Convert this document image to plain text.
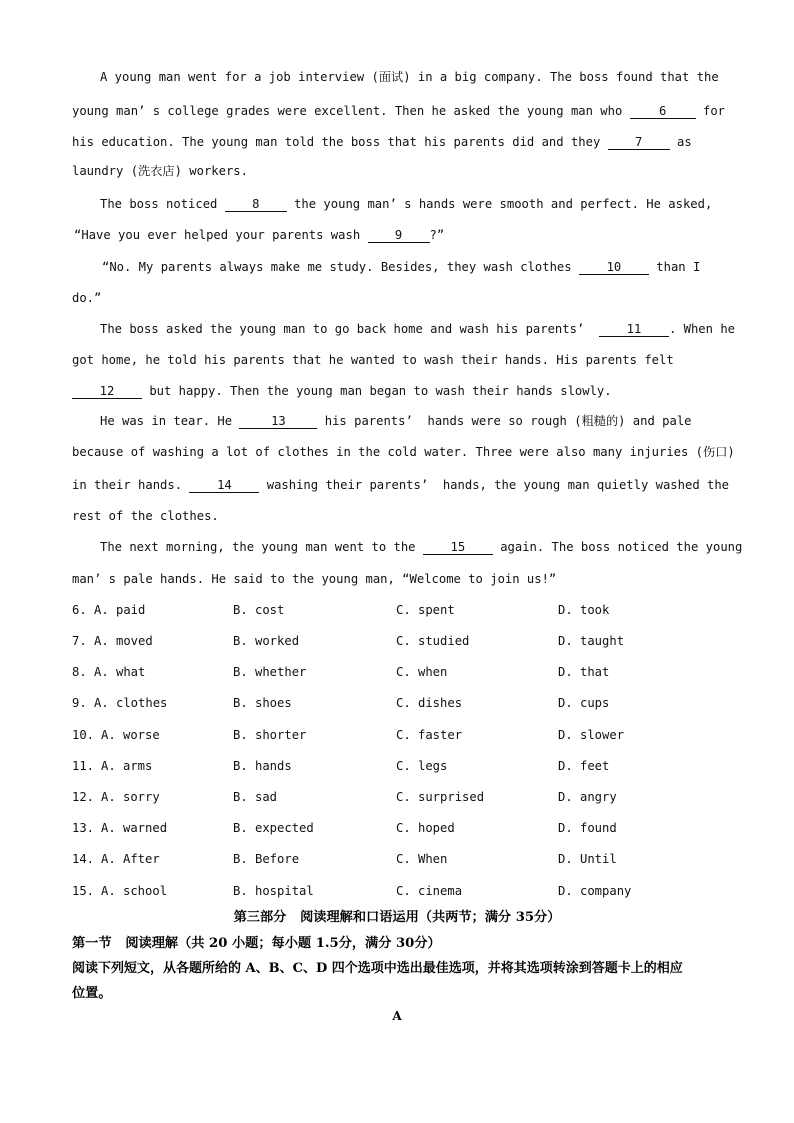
A young man went for a job interview (面试) in a big company. The boss found that the
young man’ s college grades were excellent. Then he asked the young man who 6 for
his education. The young man told the boss that his parents did and they 7 as
laundry (洗衣店) workers.
The boss noticed 8 the young man’ s hands were smooth and perfect. He asked,
“Have you ever helped your parents wash 9 ?”
“No. My parents always make me study. Besides, they wash clothes 10 than I
do.”
The boss asked the young man to go back home and wash his parents’  11 . When he
got home, he told his parents that he wanted to wash their hands. His parents felt
12 but happy. Then the young man began to wash their hands slowly.
He was in tear. He	13	his parents’  hands were so rough (粗糙的) and pale
because of washing a lot of clothes in the cold water. Three were also many injuries (伤口)
in their hands. 14 washing their parents’  hands, the young man quietly washed the
rest of the clothes.
The next morning, the young man went to the 15 again. The boss noticed the young
man’ s pale hands. He said to the young man, “Welcome to join us!”
6. A. paid	B. cost	C. spent	D. took
7. A. moved	B. worked	C. studied	D. taught
8. A. what	B. whether	C. when	D. that
9. A. clothes	B. shoes	C. dishes	D. cups
10. A. worse	B. shorter	C. faster	D. slower
11. A. arms	B. hands	C. legs	D. feet
12. A. sorry	B. sad	C. surprised	D. angry
13. A. warned	B. expected	C. hoped	D. found
14. A. After	B. Before	C. When	D. Until
15. A. school	B. hospital	C. cinema	D. company
第三部分   阅读理解和口语运用（共两节；满分 35分）
第一节   阅读理解（共 20 小题；每小题 1.5分，满分 30分）
阅读下列短文，从各题所给的 A、B、C、D 四个选项中选出最佳选项，并将其选项转涂到答题卡上的相应
位置。
A
